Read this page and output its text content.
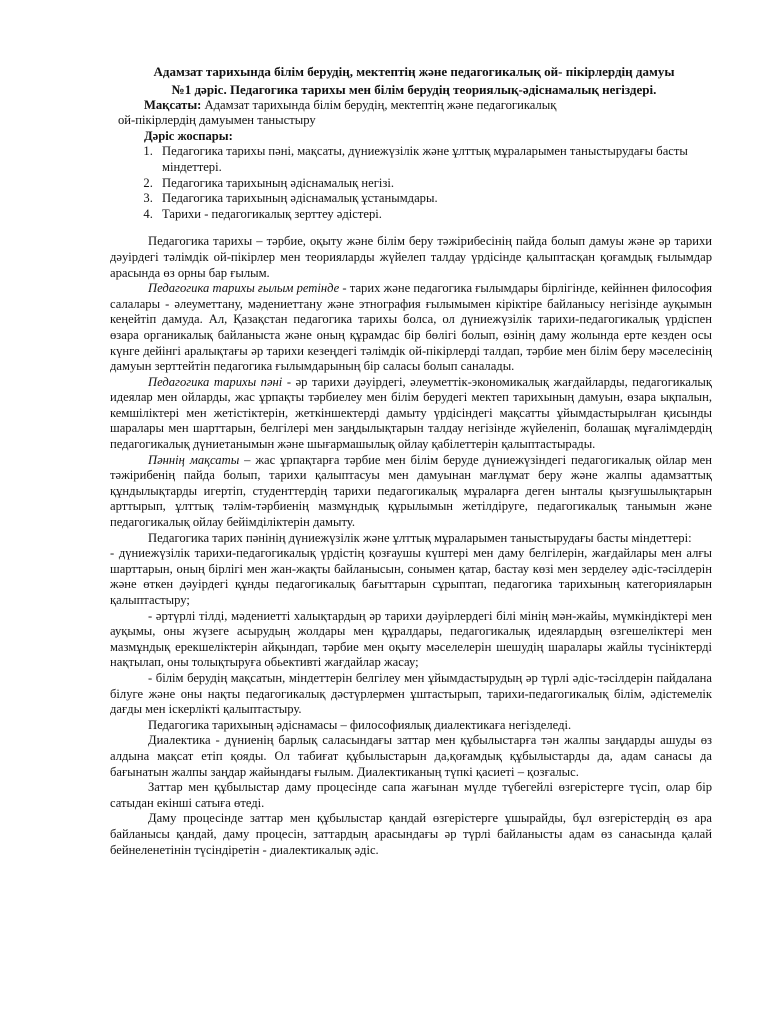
Адамзат тарихында білім берудің, мектептің және педагогикалық ой- пікірлердің дамуы

№1 дәріс. Педагогика тарихы мен білім берудің теориялық-әдіснамалық негіздері.

Мақсаты: Адамзат тарихында білім берудің, мектептің және педагогикалық

ой-пікірлердің дамуымен таныстыру

Дәріс жоспары:

1. Педагогика тарихы пәні, мақсаты, дүниежүзілік және ұлттық мұраларымен таныстырудағы басты міндеттері.
2. Педагогика тарихының әдіснамалық негізі.
3. Педагогика тарихының әдіснамалық ұстанымдары.
4. Тарихи - педагогикалық зерттеу әдістері.

Педагогика тарихы – тәрбие, оқыту және білім беру тәжірибесінің пайда болып дамуы және әр тарихи дәуірдегі тәлімдік ой-пікірлер мен теорияларды жүйелеп талдау үрдісінде қалыптасқан қоғамдық ғылымдар арасында өз орны бар ғылым.

Педагогика тарихы ғылым ретінде - тарих және педагогика ғылымдары бірлігінде, кейіннен философия салалары - әлеуметтану, мәдениеттану және этнография ғылымымен кіріктіре байланысу негізінде ауқымын кеңейтіп дамуда. Ал, Қазақстан педагогика тарихы болса, ол дүниежүзілік тарихи-педагогикалық үрдіспен өзара органикалық байланыста және оның құрамдас бір бөлігі болып, өзінің даму жолында ерте кезден осы күнге дейінгі аралықтағы әр тарихи кезеңдегі тәлімдік ой-пікірлерді талдап, тәрбие мен білім беру мәселесінің дамуын зерттейтін педагогика ғылымдарының бір саласы болып саналады.

Педагогика тарихы пәні - әр тарихи дәуірдегі, әлеуметтік-экономикалық жағдайларды, педагогикалық идеялар мен ойларды, жас ұрпақты тәрбиелеу мен білім берудегі мектеп тарихының дамуын, өзара ықпалын, кемшіліктері мен жетістіктерін, жеткіншектерді дамыту үрдісіндегі мақсатты ұйымдастырылған қисынды шаралары мен шарттарын, белгілері мен заңдылықтарын талдау негізінде жүйеленіп, болашақ мұғалімдердің педагогикалық дүниетанымын және шығармашылық ойлау қабілеттерін қалыптастырады.

Пәннің мақсаты – жас ұрпақтарға тәрбие мен білім беруде дүниежүзіндегі педагогикалық ойлар мен тәжірибенің пайда болып, тарихи қалыптасуы мен дамуынан мағлұмат беру және жалпы адамзаттық құндылықтарды игертіп, студенттердің тарихи педагогикалық мұраларға деген ынталы қызғушылықтарын арттырып, ұлттық тәлім-тәрбиенің мазмұндық құрылымын жетілдіруге, педагогикалық танымын және педагогикалық ойлау бейімділіктерін дамыту.

Педагогика тарих пәнінің дүниежүзілік және ұлттық мұраларымен таныстырудағы басты міндеттері:

- дүниежүзілік тарихи-педагогикалық үрдістің қозғаушы күштері мен даму белгілерін, жағдайлары мен алғы шарттарын, оның бірлігі мен жан-жақты байланысын, сонымен қатар, бастау көзі мен зерделеу әдіс-тәсілдерін және өткен дәуірдегі құнды педагогикалық бағыттарын сұрыптап, педагогика тарихының категорияларын қалыптастыру;

- әртүрлі тілді, мәдениетті халықтардың әр тарихи дәуірлердегі білі мінің мән-жайы, мүмкіндіктері мен ауқымы, оны жүзеге асырудың жолдары мен құралдары, педагогикалық идеялардың өзгешеліктері мен мазмұндық ерекшеліктерін айқындап, тәрбие мен оқыту мәселелерін шешудің шаралары жайлы түсініктерді нақтылап, оны толықтыруға обьективті жағдайлар жасау;

- білім берудің мақсатын, міндеттерін белгілеу мен ұйымдастырудың әр түрлі әдіс-тәсілдерін пайдалана білуге және оны нақты педагогикалық дәстүрлермен ұштастырып, тарихи-педагогикалық білім, әдістемелік дағды мен іскерлікті қалыптастыру.

Педагогика тарихының әдіснамасы – философиялық диалектикаға негізделеді.

Диалектика - дүниенің барлық саласындағы заттар мен құбылыстарға тән жалпы заңдарды ашуды өз алдына мақсат етіп қояды. Ол табиғат құбылыстарын да,қоғамдық құбылыстарды да, адам санасы да бағынатын жалпы заңдар жайындағы ғылым. Диалектиканың түпкі қасиеті – қозғалыс.

Заттар мен құбылыстар даму процесінде сапа жағынан мүлде түбегейлі өзгерістерге түсіп, олар бір сатыдан екінші сатыға өтеді.

Даму процесінде заттар мен құбылыстар қандай өзгерістерге ұшырайды, бұл өзгерістердің өз ара байланысы қандай, даму процесін, заттардың арасындағы әр түрлі байланысты адам өз санасында қалай бейнеленетінін түсіндіретін - диалектикалық әдіс.
